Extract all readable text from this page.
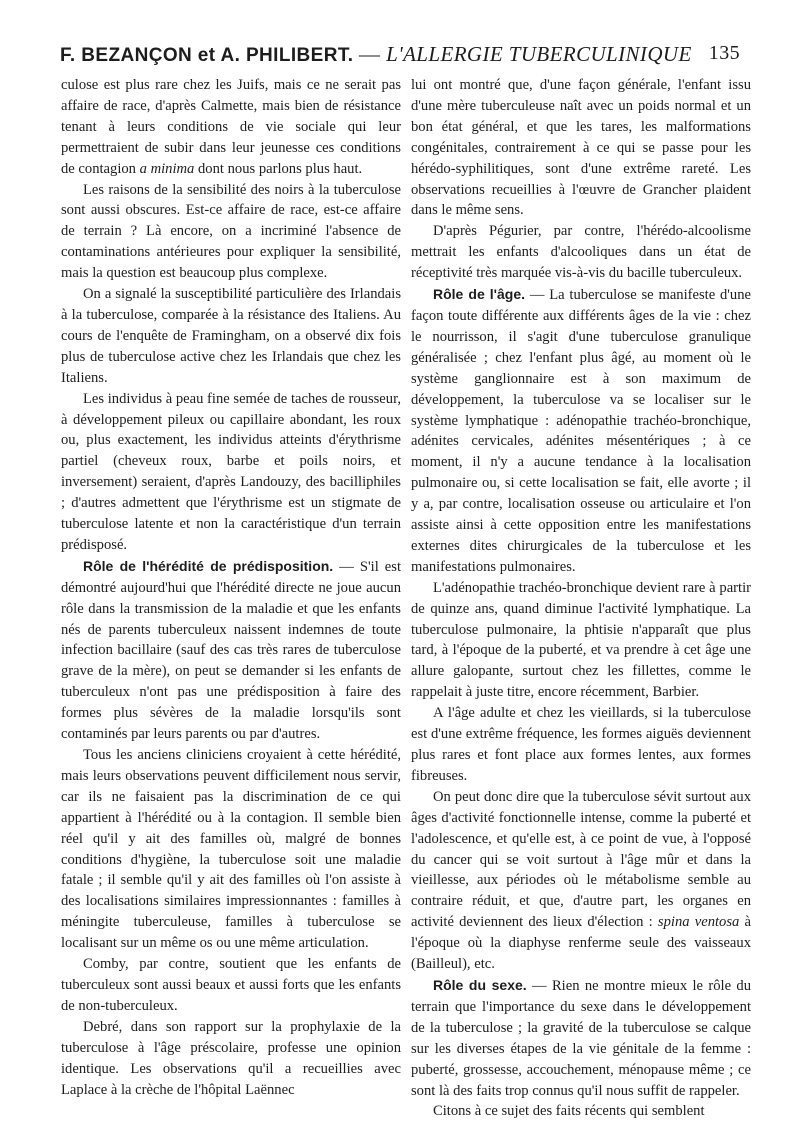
F. BEZANÇON et A. PHILIBERT. — L'ALLERGIE TUBERCULINIQUE 135

culose est plus rare chez les Juifs, mais ce ne serait pas affaire de race, d'après Calmette, mais bien de résistance tenant à leurs conditions de vie sociale qui leur permettraient de subir dans leur jeunesse ces conditions de contagion a minima dont nous parlons plus haut.

Les raisons de la sensibilité des noirs à la tuberculose sont aussi obscures. Est-ce affaire de race, est-ce affaire de terrain ? Là encore, on a incriminé l'absence de contaminations antérieures pour expliquer la sensibilité, mais la question est beaucoup plus complexe.

On a signalé la susceptibilité particulière des Irlandais à la tuberculose, comparée à la résistance des Italiens. Au cours de l'enquête de Framingham, on a observé dix fois plus de tuberculose active chez les Irlandais que chez les Italiens.

Les individus à peau fine semée de taches de rousseur, à développement pileux ou capillaire abondant, les roux ou, plus exactement, les individus atteints d'érythrisme partiel (cheveux roux, barbe et poils noirs, et inversement) seraient, d'après Landouzy, des bacilliphiles ; d'autres admettent que l'érythrisme est un stigmate de tuberculose latente et non la caractéristique d'un terrain prédisposé.

Rôle de l'hérédité de prédisposition. — S'il est démontré aujourd'hui que l'hérédité directe ne joue aucun rôle dans la transmission de la maladie et que les enfants nés de parents tuberculeux naissent indemnes de toute infection bacillaire (sauf des cas très rares de tuberculose grave de la mère), on peut se demander si les enfants de tuberculeux n'ont pas une prédisposition à faire des formes plus sévères de la maladie lorsqu'ils sont contaminés par leurs parents ou par d'autres.

Tous les anciens cliniciens croyaient à cette hérédité, mais leurs observations peuvent difficilement nous servir, car ils ne faisaient pas la discrimination de ce qui appartient à l'hérédité ou à la contagion. Il semble bien réel qu'il y ait des familles où, malgré de bonnes conditions d'hygiène, la tuberculose soit une maladie fatale ; il semble qu'il y ait des familles où l'on assiste à des localisations similaires impressionnantes : familles à méningite tuberculeuse, familles à tuberculose se localisant sur un même os ou une même articulation.

Comby, par contre, soutient que les enfants de tuberculeux sont aussi beaux et aussi forts que les enfants de non-tuberculeux.

Debré, dans son rapport sur la prophylaxie de la tuberculose à l'âge préscolaire, professe une opinion identique. Les observations qu'il a recueillies avec Laplace à la crèche de l'hôpital Laënnec

lui ont montré que, d'une façon générale, l'enfant issu d'une mère tuberculeuse naît avec un poids normal et un bon état général, et que les tares, les malformations congénitales, contrairement à ce qui se passe pour les hérédo-syphilitiques, sont d'une extrême rareté. Les observations recueillies à l'œuvre de Grancher plaident dans le même sens.

D'après Pégurier, par contre, l'hérédo-alcoolisme mettrait les enfants d'alcooliques dans un état de réceptivité très marquée vis-à-vis du bacille tuberculeux.

Rôle de l'âge. — La tuberculose se manifeste d'une façon toute différente aux différents âges de la vie : chez le nourrisson, il s'agit d'une tuberculose granulique généralisée ; chez l'enfant plus âgé, au moment où le système ganglionnaire est à son maximum de développement, la tuberculose va se localiser sur le système lymphatique : adénopathie trachéo-bronchique, adénites cervicales, adénites mésentériques ; à ce moment, il n'y a aucune tendance à la localisation pulmonaire ou, si cette localisation se fait, elle avorte ; il y a, par contre, localisation osseuse ou articulaire et l'on assiste ainsi à cette opposition entre les manifestations externes dites chirurgicales de la tuberculose et les manifestations pulmonaires.

L'adénopathie trachéo-bronchique devient rare à partir de quinze ans, quand diminue l'activité lymphatique. La tuberculose pulmonaire, la phtisie n'apparaît que plus tard, à l'époque de la puberté, et va prendre à cet âge une allure galopante, surtout chez les fillettes, comme le rappelait à juste titre, encore récemment, Barbier.

A l'âge adulte et chez les vieillards, si la tuberculose est d'une extrême fréquence, les formes aiguës deviennent plus rares et font place aux formes lentes, aux formes fibreuses.

On peut donc dire que la tuberculose sévit surtout aux âges d'activité fonctionnelle intense, comme la puberté et l'adolescence, et qu'elle est, à ce point de vue, à l'opposé du cancer qui se voit surtout à l'âge mûr et dans la vieillesse, aux périodes où le métabolisme semble au contraire réduit, et que, d'autre part, les organes en activité deviennent des lieux d'élection : spina ventosa à l'époque où la diaphyse renferme seule des vaisseaux (Bailleul), etc.

Rôle du sexe. — Rien ne montre mieux le rôle du terrain que l'importance du sexe dans le développement de la tuberculose ; la gravité de la tuberculose se calque sur les diverses étapes de la vie génitale de la femme : puberté, grossesse, accouchement, ménopause même ; ce sont là des faits trop connus qu'il nous suffit de rappeler.

Citons à ce sujet des faits récents qui semblent
